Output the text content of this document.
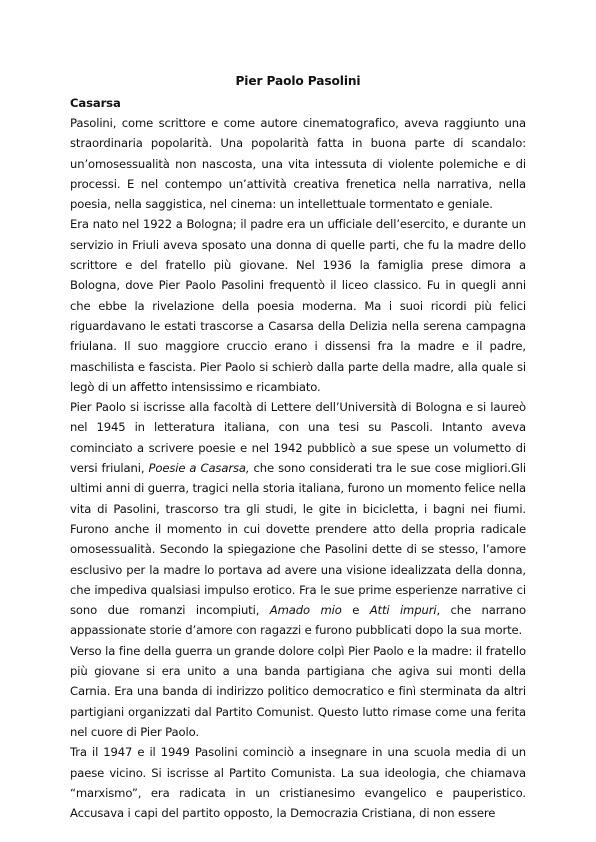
Pier Paolo Pasolini
Casarsa

Pasolini, come scrittore e come autore cinematografico, aveva raggiunto una straordinaria popolarità. Una popolarità fatta in buona parte di scandalo: un’omosessualità non nascosta, una vita intessuta di violente polemiche e di processi. E nel contempo un’attività creativa frenetica nella narrativa, nella poesia, nella saggistica, nel cinema: un intellettuale tormentato e geniale.

Era nato nel 1922 a Bologna; il padre era un ufficiale dell’esercito, e durante un servizio in Friuli aveva sposato una donna di quelle parti, che fu la madre dello scrittore e del fratello più giovane. Nel 1936 la famiglia prese dimora a Bologna, dove Pier Paolo Pasolini frequentò il liceo classico. Fu in quegli anni che ebbe la rivelazione della poesia moderna. Ma i suoi ricordi più felici riguardavano le estati trascorse a Casarsa della Delizia nella serena campagna friulana. Il suo maggiore cruccio erano i dissensi fra la madre e il padre, maschilista e fascista. Pier Paolo si schierò dalla parte della madre, alla quale si legò di un affetto intensissimo e ricambiato.

Pier Paolo si iscrisse alla facoltà di Lettere dell’Università di Bologna e si laureò nel 1945 in letteratura italiana, con una tesi su Pascoli. Intanto aveva cominciato a scrivere poesie e nel 1942 pubblicò a sue spese un volumetto di versi friulani, Poesie a Casarsa, che sono considerati tra le sue cose migliori.Gli ultimi anni di guerra, tragici nella storia italiana, furono un momento felice nella vita di Pasolini, trascorso tra gli studi, le gite in bicicletta, i bagni nei fiumi. Furono anche il momento in cui dovette prendere atto della propria radicale omosessualità. Secondo la spiegazione che Pasolini dette di se stesso, l’amore esclusivo per la madre lo portava ad avere una visione idealizzata della donna, che impediva qualsiasi impulso erotico. Fra le sue prime esperienze narrative ci sono due romanzi incompiuti, Amado mio e Atti impuri, che narrano appassionate storie d’amore con ragazzi e furono pubblicati dopo la sua morte.

Verso la fine della guerra un grande dolore colpì Pier Paolo e la madre: il fratello più giovane si era unito a una banda partigiana che agiva sui monti della Carnia. Era una banda di indirizzo politico democratico e finì sterminata da altri partigiani organizzati dal Partito Comunist. Questo lutto rimase come una ferita nel cuore di Pier Paolo.

Tra il 1947 e il 1949 Pasolini cominciò a insegnare in una scuola media di un paese vicino. Si iscrisse al Partito Comunista. La sua ideologia, che chiamava “marxismo”, era radicata in un cristianesimo evangelico e pauperistico. Accusava i capi del partito opposto, la Democrazia Cristiana, di non essere
